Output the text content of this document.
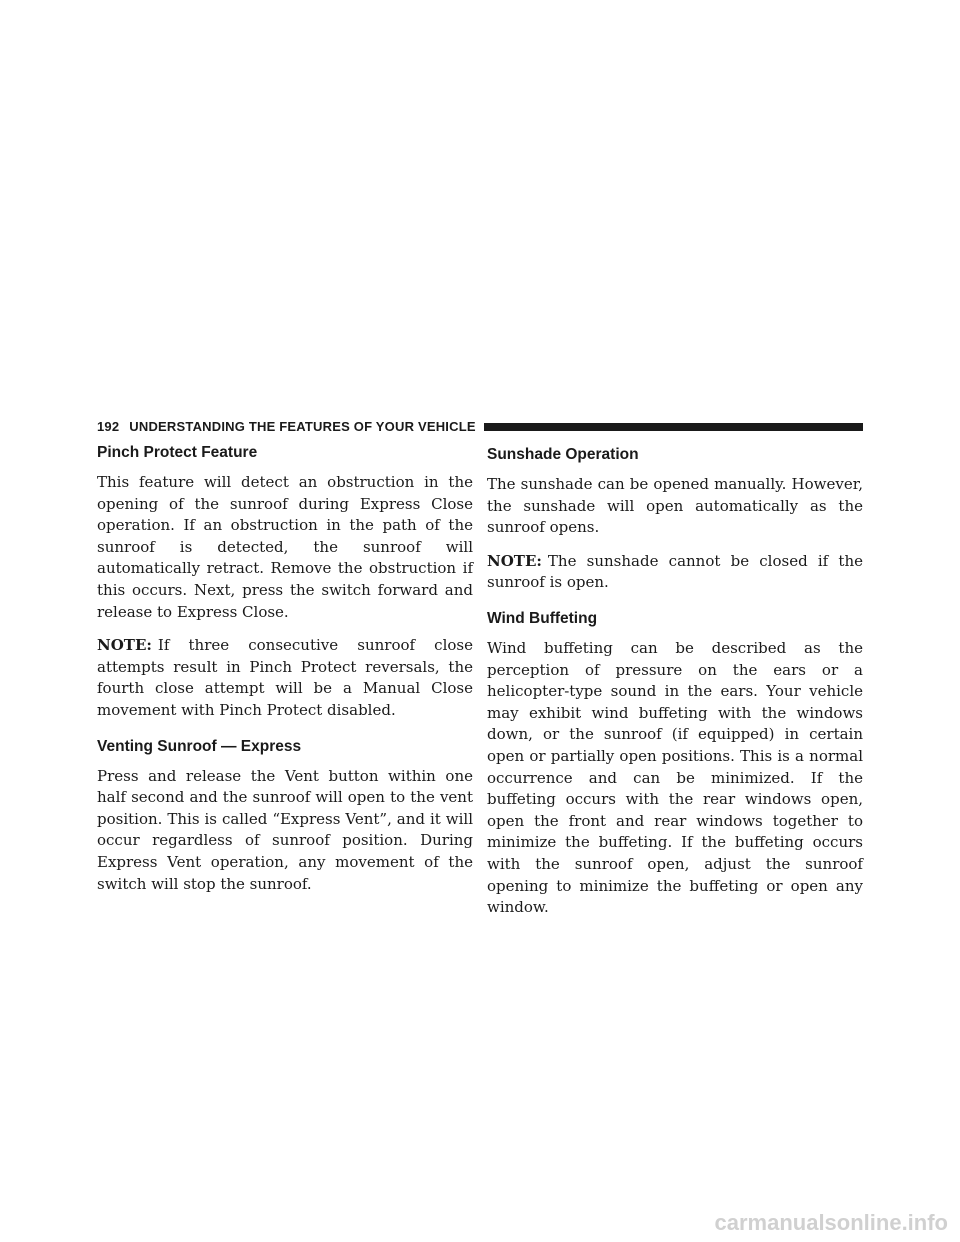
192 UNDERSTANDING THE FEATURES OF YOUR VEHICLE
Pinch Protect Feature

This feature will detect an obstruction in the opening of the sunroof during Express Close operation. If an obstruction in the path of the sunroof is detected, the sunroof will automatically retract. Remove the obstruction if this occurs. Next, press the switch forward and release to Express Close.

NOTE: If three consecutive sunroof close attempts result in Pinch Protect reversals, the fourth close attempt will be a Manual Close movement with Pinch Protect disabled.

Venting Sunroof — Express

Press and release the Vent button within one half second and the sunroof will open to the vent position. This is called “Express Vent”, and it will occur regardless of sunroof position. During Express Vent operation, any movement of the switch will stop the sunroof.

Sunshade Operation

The sunshade can be opened manually. However, the sunshade will open automatically as the sunroof opens.

NOTE: The sunshade cannot be closed if the sunroof is open.

Wind Buffeting

Wind buffeting can be described as the perception of pressure on the ears or a helicopter-type sound in the ears. Your vehicle may exhibit wind buffeting with the windows down, or the sunroof (if equipped) in certain open or partially open positions. This is a normal occurrence and can be minimized. If the buffeting occurs with the rear windows open, open the front and rear windows together to minimize the buffeting. If the buffeting occurs with the sunroof open, adjust the sunroof opening to minimize the buffeting or open any window.

carmanualsonline.info
